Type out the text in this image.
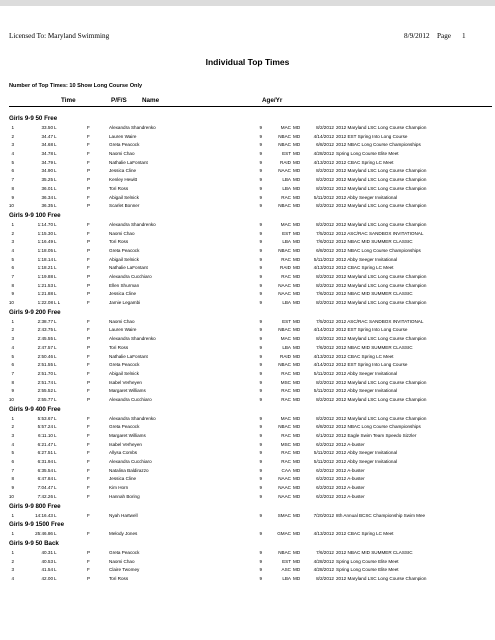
Licensed To: Maryland Swimming	8/9/2012 Page 1
Individual Top Times
Number of Top Times: 10 Show Long Course Only
Time	P/F/S Name	Age/Yr
Girls 9-9 50 Free
1	33.50 L	F	Alexandra Shandrenko	9	MAC MD	8/2/2012 2012 Maryland LSC Long Course Champion
2	34.47 L	F	Lauren Waire	9	NBAC MD	4/14/2012 2012 EST Spring Into Long Course
3	34.68 L	F	Greta Peacock	9	NBAC MD	6/8/2012 2012 NBAC Long Course Championships
4	34.78 L	F	Naomi Chao	9	EST MD	4/28/2012 Spring Long Course Elite Meet
5	34.79 L	F	Nathalie LaFontant	9	RAID MD	4/13/2012 2012 CBAC Spring LC Meet
6	34.90 L	P	Jessica Cline	9	NAAC MD	8/2/2012 2012 Maryland LSC Long Course Champion
7	35.25 L	P	Kenley Hewitt	9	LBA MD	8/2/2012 2012 Maryland LSC Long Course Champion
8	36.01 L	P	Tori Ross	9	LBA MD	8/2/2012 2012 Maryland LSC Long Course Champion
9	36.34 L	F	Abigail Selnick	9	RAC MD	5/11/2012 2012 Abby Seeger Invitational
10	36.35 L	P	Scarlet Bonner	9	NBAC MD	8/2/2012 2012 Maryland LSC Long Course Champion
Girls 9-9 100 Free
1	1:14.70 L	F	Alexandra Shandrenko	9	MAC MD	8/2/2012 2012 Maryland LSC Long Course Champion
2	1:15.30 L	F	Naomi Chao	9	EST MD	7/5/2012 2012 ASC/RAC SANDBOX INVITATIONAL
3	1:16.49 L	P	Tori Ross	9	LBA MD	7/6/2012 2012 NBAC MID SUMMER CLASSIC
4	1:18.05 L	P	Greta Peacock	9	NBAC MD	6/8/2012 2012 NBAC Long Course Championships
5	1:18.14 L	F	Abigail Selnick	9	RAC MD	5/11/2012 2012 Abby Seeger Invitational
6	1:18.21 L	F	Nathalie LaFontant	9	RAID MD	4/13/2012 2012 CBAC Spring LC Meet
7	1:19.88 L	P	Alexandra Cucchiaro	9	RAC MD	8/2/2012 2012 Maryland LSC Long Course Champion
8	1:21.53 L	P	Ellen Shurman	9	NAAC MD	8/2/2012 2012 Maryland LSC Long Course Champion
9	1:21.88 L	P	Jessica Cline	9	NAAC MD	7/6/2012 2012 NBAC MID SUMMER CLASSIC
10	1:22.08 L L	F	Jamie Legambi	9	LBA MD	8/2/2012 2012 Maryland LSC Long Course Champion
Girls 9-9 200 Free
1	2:38.77 L	F	Naomi Chao	9	EST MD	7/5/2012 2012 ASC/RAC SANDBOX INVITATIONAL
2	2:43.75 L	F	Lauren Waire	9	NBAC MD	4/14/2012 2012 EST Spring Into Long Course
3	2:45.55 L	P	Alexandra Shandrenko	9	MAC MD	8/2/2012 2012 Maryland LSC Long Course Champion
4	2:47.57 L	P	Tori Ross	9	LBA MD	7/6/2012 2012 NBAC MID SUMMER CLASSIC
5	2:50.46 L	F	Nathalie LaFontant	9	RAID MD	4/13/2012 2012 CBAC Spring LC Meet
6	2:51.55 L	F	Greta Peacock	9	NBAC MD	4/14/2012 2012 EST Spring Into Long Course
7	2:51.70 L	F	Abigail Selnick	9	RAC MD	5/11/2012 2012 Abby Seeger Invitational
8	2:51.74 L	P	Isabel Verheyen	9	MSC MD	8/2/2012 2012 Maryland LSC Long Course Champion
9	2:55.52 L	F	Margaret Williams	9	RAC MD	5/11/2012 2012 Abby Seeger Invitational
10	2:55.77 L	P	Alexandra Cucchiaro	9	RAC MD	8/2/2012 2012 Maryland LSC Long Course Champion
Girls 9-9 400 Free
1	5:53.67 L	F	Alexandra Shandrenko	9	MAC MD	8/2/2012 2012 Maryland LSC Long Course Champion
2	5:57.24 L	F	Greta Peacock	9	NBAC MD	6/8/2012 2012 NBAC Long Course Championships
3	6:11.10 L	F	Margaret Williams	9	RAC MD	6/1/2012 2012 Eagle Swim Team Speedo Sizzler
4	6:21.47 L	F	Isabel Verheyen	9	MSC MD	6/2/2012 2012 A-buster
5	6:27.51 L	F	Allysa Combs	9	RAC MD	5/11/2012 2012 Abby Seeger Invitational
6	6:31.94 L	F	Alexandra Cucchiaro	9	RAC MD	5/11/2012 2012 Abby Seeger Invitational
7	6:35.54 L	F	Natalina Baldirazzo	9	CAA MD	6/2/2012 2012 A-buster
8	6:47.84 L	F	Jessica Cline	9	NAAC MD	6/2/2012 2012 A-buster
9	7:04.47 L	F	Kim Horn	9	NAAC MD	6/2/2012 2012 A-buster
10	7:42.26 L	F	Hannah Boring	9	NAAC MD	6/2/2012 2012 A-buster
Girls 9-9 800 Free
1	14:16.43 L	F	Nyah Hartwell	9	SMAC MD	7/20/2012 8th Annual BCSC Championship Swim Mee
Girls 9-9 1500 Free
1	25:46.86 L	F	Melody Jones	9	GMAC MD	4/13/2012 2012 CBAC Spring LC Meet
Girls 9-9 50 Back
1	40.31 L	P	Greta Peacock	9	NBAC MD	7/6/2012 2012 NBAC MID SUMMER CLASSIC
2	40.53 L	F	Naomi Chao	9	EST MD	4/28/2012 Spring Long Course Elite Meet
3	41.54 L	F	Claire Twomey	9	ASC MD	4/28/2012 Spring Long Course Elite Meet
4	42.00 L	P	Tori Ross	9	LBA MD	8/2/2012 2012 Maryland LSC Long Course Champion
